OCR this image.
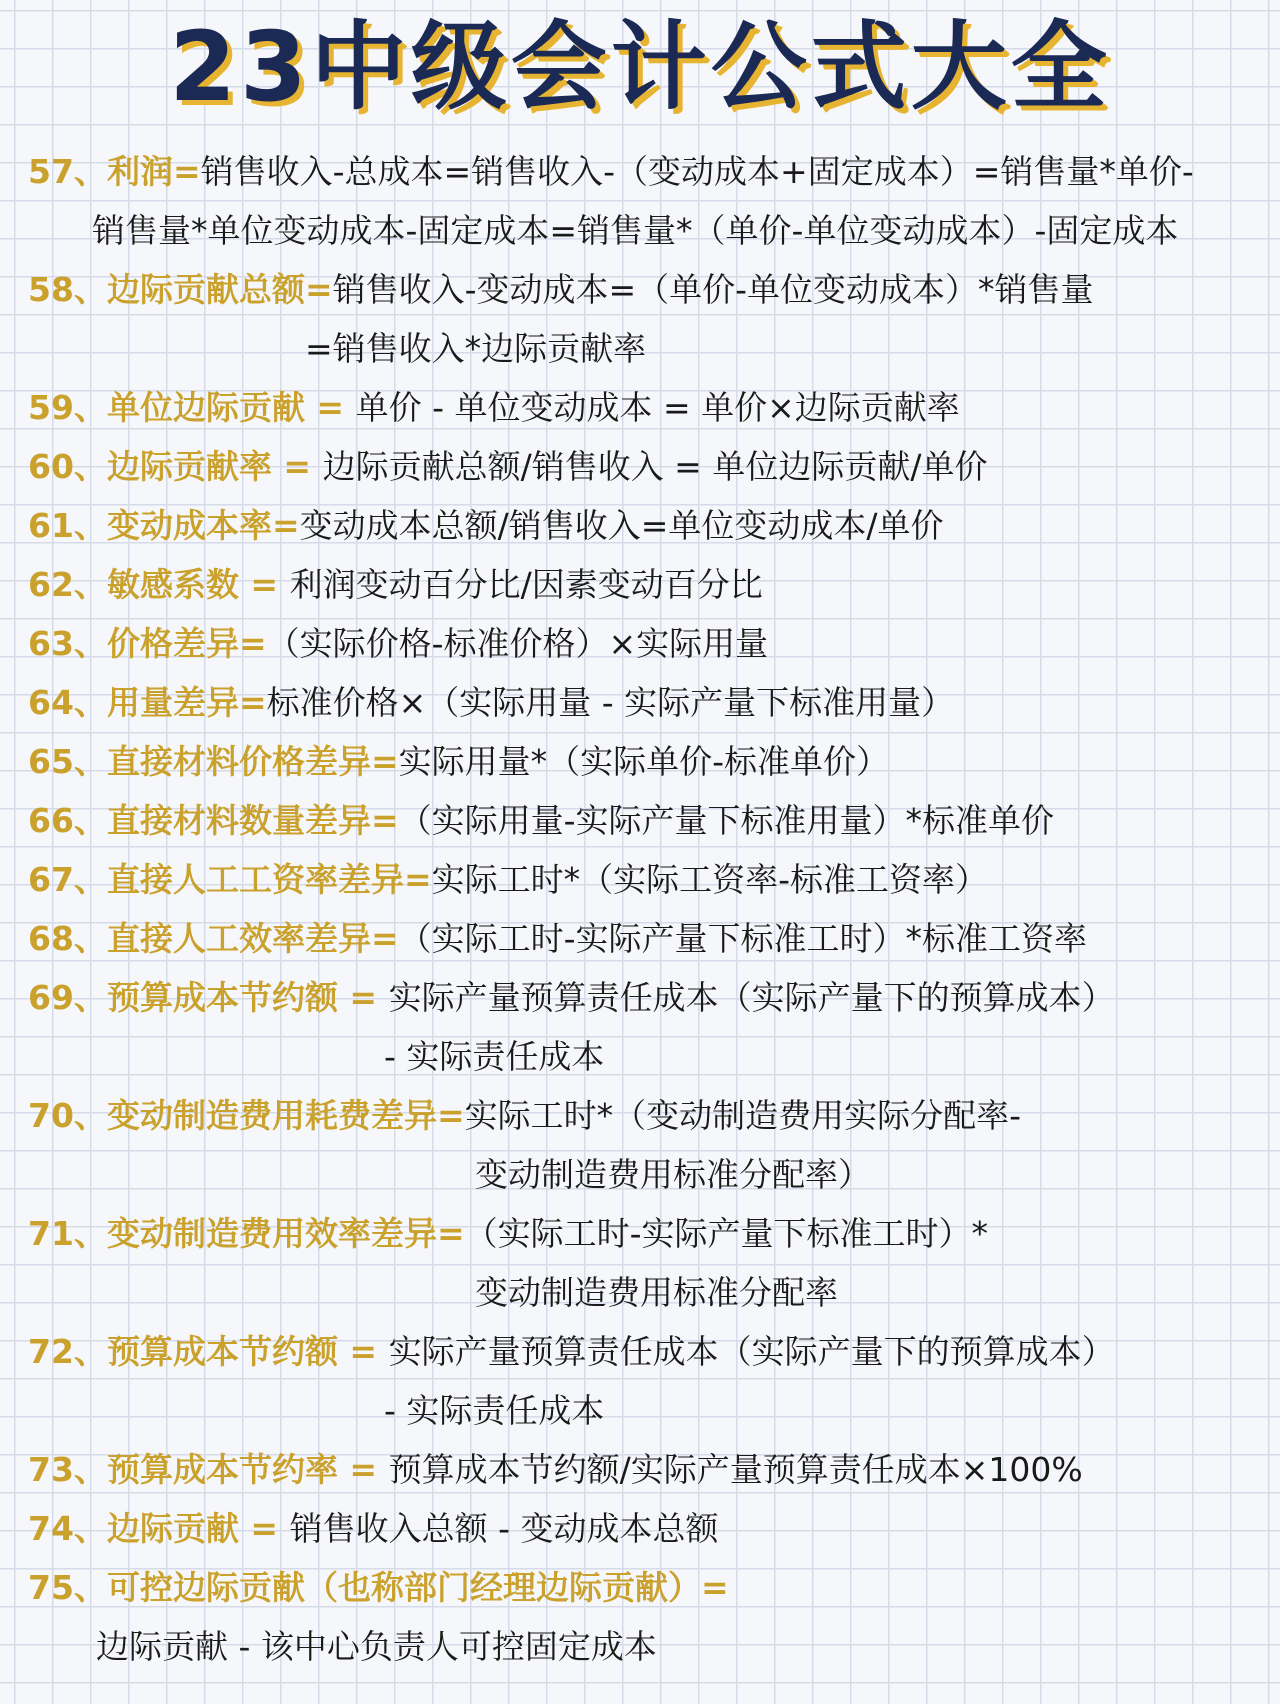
23中级会计公式大全
57、利润=销售收入-总成本=销售收入-（变动成本+固定成本）=销售量*单价-
销售量*单位变动成本-固定成本=销售量*（单价-单位变动成本）-固定成本
58、边际贡献总额=销售收入-变动成本=（单价-单位变动成本）*销售量
=销售收入*边际贡献率
59、单位边际贡献 = 单价 - 单位变动成本 = 单价×边际贡献率
60、边际贡献率 = 边际贡献总额/销售收入 = 单位边际贡献/单价
61、变动成本率=变动成本总额/销售收入=单位变动成本/单价
62、敏感系数 = 利润变动百分比/因素变动百分比
63、价格差异=（实际价格-标准价格）×实际用量
64、用量差异=标准价格×（实际用量 - 实际产量下标准用量）
65、直接材料价格差异=实际用量*（实际单价-标准单价）
66、直接材料数量差异=（实际用量-实际产量下标准用量）*标准单价
67、直接人工工资率差异=实际工时*（实际工资率-标准工资率）
68、直接人工效率差异=（实际工时-实际产量下标准工时）*标准工资率
69、预算成本节约额 = 实际产量预算责任成本（实际产量下的预算成本）
- 实际责任成本
70、变动制造费用耗费差异=实际工时*（变动制造费用实际分配率-
变动制造费用标准分配率）
71、变动制造费用效率差异=（实际工时-实际产量下标准工时）*
变动制造费用标准分配率
72、预算成本节约额 = 实际产量预算责任成本（实际产量下的预算成本）
- 实际责任成本
73、预算成本节约率 = 预算成本节约额/实际产量预算责任成本×100%
74、边际贡献 = 销售收入总额 - 变动成本总额
75、可控边际贡献（也称部门经理边际贡献）=
边际贡献 - 该中心负责人可控固定成本
